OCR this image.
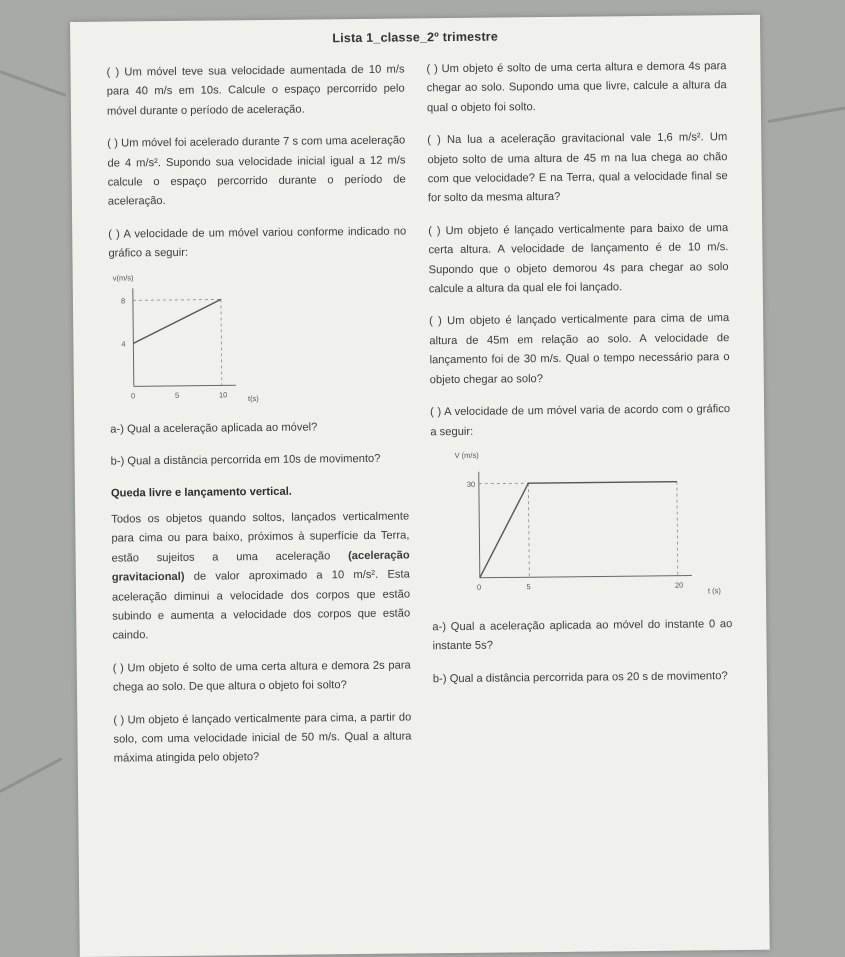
Lista 1_classe_2º trimestre

( ) Um móvel teve sua velocidade aumentada de 10 m/s para 40 m/s em 10s. Calcule o espaço percorrido pelo móvel durante o período de aceleração.

( ) Um móvel foi acelerado durante 7 s com uma aceleração de 4 m/s². Supondo sua velocidade inicial igual a 12 m/s calcule o espaço percorrido durante o período de aceleração.

( ) A velocidade de um móvel variou conforme indicado no gráfico a seguir:

v(m/s)
t(s)
8
4
0	5	10

a-) Qual a aceleração aplicada ao móvel?

b-) Qual a distância percorrida em 10s de movimento?

Queda livre e lançamento vertical.

Todos os objetos quando soltos, lançados verticalmente para cima ou para baixo, próximos à superfície da Terra, estão sujeitos a uma aceleração (aceleração gravitacional) de valor aproximado a 10 m/s². Esta aceleração diminui a velocidade dos corpos que estão subindo e aumenta a velocidade dos corpos que estão caindo.

( ) Um objeto é solto de uma certa altura e demora 2s para chega ao solo. De que altura o objeto foi solto?

( ) Um objeto é lançado verticalmente para cima, a partir do solo, com uma velocidade inicial de 50 m/s. Qual a altura máxima atingida pelo objeto?

( ) Um objeto é solto de uma certa altura e demora 4s para chegar ao solo. Supondo uma que livre, calcule a altura da qual o objeto foi solto.

( ) Na lua a aceleração gravitacional vale 1,6 m/s². Um objeto solto de uma altura de 45 m na lua chega ao chão com que velocidade? E na Terra, qual a velocidade final se for solto da mesma altura?

( ) Um objeto é lançado verticalmente para baixo de uma certa altura. A velocidade de lançamento é de 10 m/s. Supondo que o objeto demorou 4s para chegar ao solo calcule a altura da qual ele foi lançado.

( ) Um objeto é lançado verticalmente para cima de uma altura de 45m em relação ao solo. A velocidade de lançamento foi de 30 m/s. Qual o tempo necessário para o objeto chegar ao solo?

( ) A velocidade de um móvel varia de acordo com o gráfico a seguir:

V (m/s)
t (s)
30
0	5	20

a-) Qual a aceleração aplicada ao móvel do instante 0 ao instante 5s?

b-) Qual a distância percorrida para os 20 s de movimento?
